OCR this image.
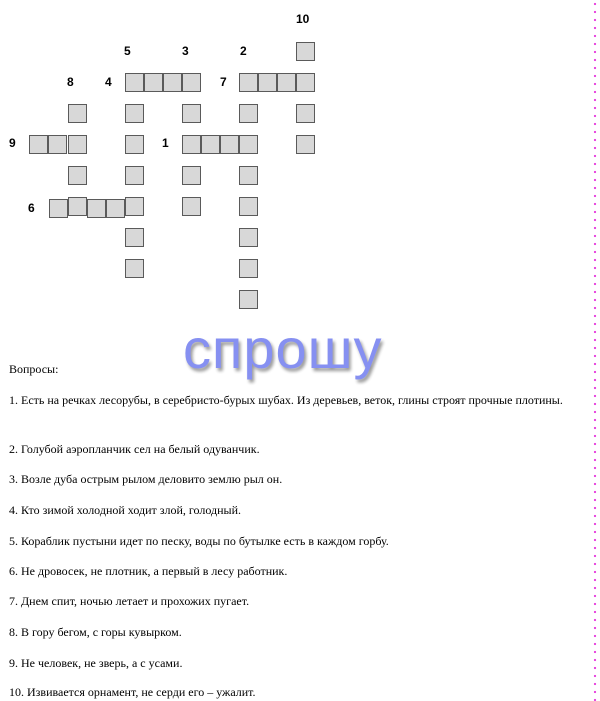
1
2
3
4
5
6
7
8
9
10
спрошу
Вопросы:
1. Есть на речках лесорубы, в серебристо-бурых шубах. Из деревьев, веток, глины строят прочные плотины.
2. Голубой аэропланчик сел на белый одуванчик.
3. Возле дуба острым рылом деловито землю рыл он.
4. Кто зимой холодной ходит злой, голодный.
5. Кораблик пустыни идет по песку, воды по бутылке есть в каждом горбу.
6. Не дровосек, не плотник, а первый в лесу работник.
7. Днем спит, ночью летает и прохожих пугает.
8. В гору бегом, с горы кувырком.
9. Не человек, не зверь, а с усами.
10. Извивается орнамент, не серди его – ужалит.
